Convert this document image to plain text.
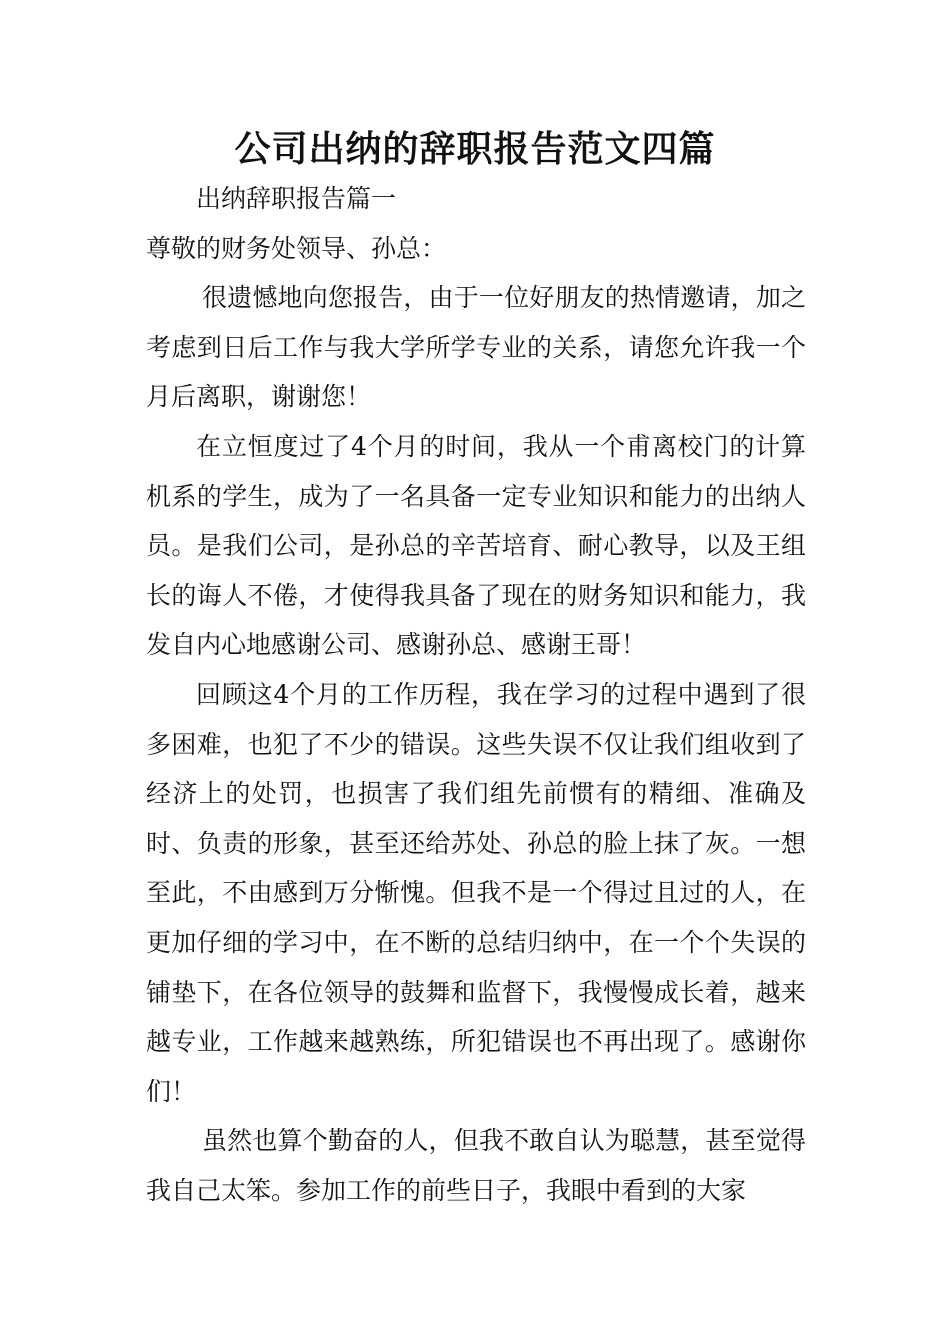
公司出纳的辞职报告范文四篇

出纳辞职报告篇一

尊敬的财务处领导、孙总：

很遗憾地向您报告，由于一位好朋友的热情邀请，加之考虑到日后工作与我大学所学专业的关系，请您允许我一个月后离职，谢谢您！

在立恒度过了4个月的时间，我从一个甫离校门的计算机系的学生，成为了一名具备一定专业知识和能力的出纳人员。是我们公司，是孙总的辛苦培育、耐心教导，以及王组长的诲人不倦，才使得我具备了现在的财务知识和能力，我发自内心地感谢公司、感谢孙总、感谢王哥！

回顾这4个月的工作历程，我在学习的过程中遇到了很多困难，也犯了不少的错误。这些失误不仅让我们组收到了经济上的处罚，也损害了我们组先前惯有的精细、准确及时、负责的形象，甚至还给苏处、孙总的脸上抹了灰。一想至此，不由感到万分惭愧。但我不是一个得过且过的人，在更加仔细的学习中，在不断的总结归纳中，在一个个失误的铺垫下，在各位领导的鼓舞和监督下，我慢慢成长着，越来越专业，工作越来越熟练，所犯错误也不再出现了。感谢你们！

虽然也算个勤奋的人，但我不敢自认为聪慧，甚至觉得我自己太笨。参加工作的前些日子，我眼中看到的大家
